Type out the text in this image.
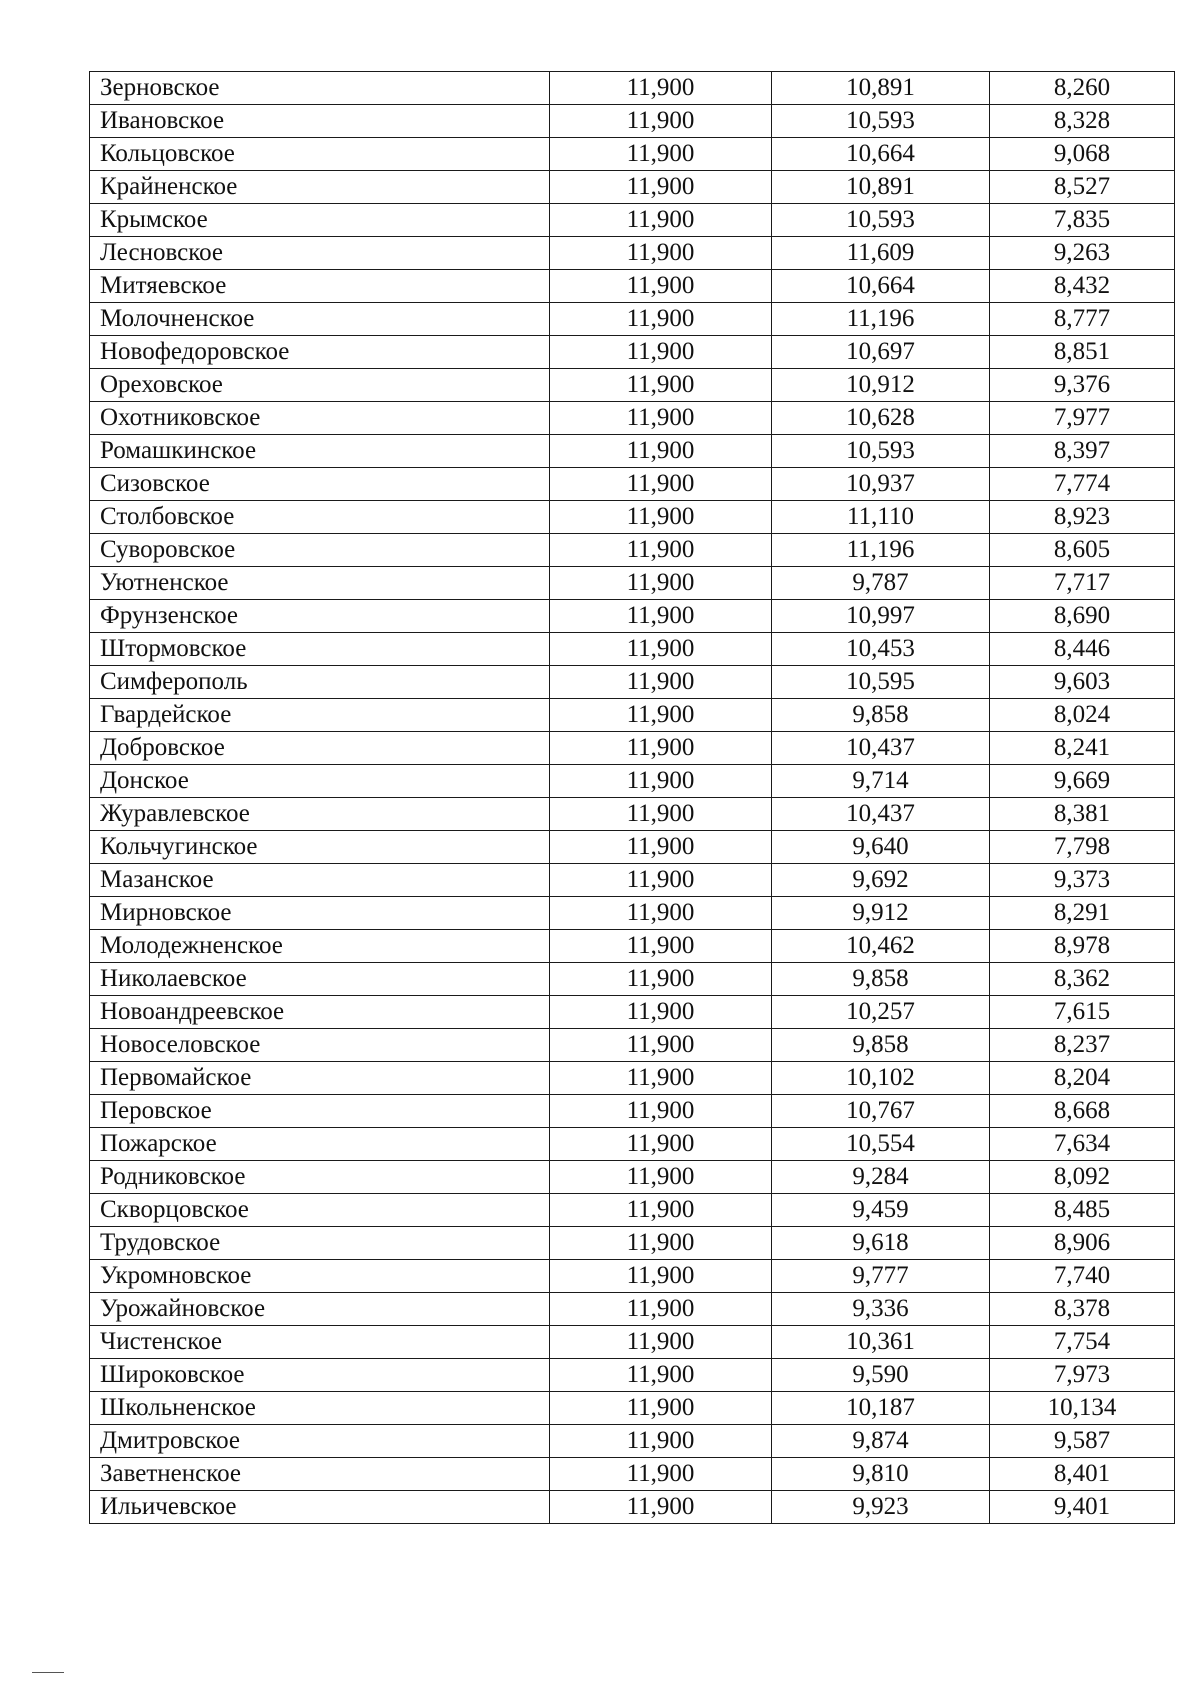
Зерновское	11,900	10,891	8,260
Ивановское	11,900	10,593	8,328
Кольцовское	11,900	10,664	9,068
Крайненское	11,900	10,891	8,527
Крымское	11,900	10,593	7,835
Лесновское	11,900	11,609	9,263
Митяевское	11,900	10,664	8,432
Молочненское	11,900	11,196	8,777
Новофедоровское	11,900	10,697	8,851
Ореховское	11,900	10,912	9,376
Охотниковское	11,900	10,628	7,977
Ромашкинское	11,900	10,593	8,397
Сизовское	11,900	10,937	7,774
Столбовское	11,900	11,110	8,923
Суворовское	11,900	11,196	8,605
Уютненское	11,900	9,787	7,717
Фрунзенское	11,900	10,997	8,690
Штормовское	11,900	10,453	8,446
Симферополь	11,900	10,595	9,603
Гвардейское	11,900	9,858	8,024
Добровское	11,900	10,437	8,241
Донское	11,900	9,714	9,669
Журавлевское	11,900	10,437	8,381
Кольчугинское	11,900	9,640	7,798
Мазанское	11,900	9,692	9,373
Мирновское	11,900	9,912	8,291
Молодежненское	11,900	10,462	8,978
Николаевское	11,900	9,858	8,362
Новоандреевское	11,900	10,257	7,615
Новоселовское	11,900	9,858	8,237
Первомайское	11,900	10,102	8,204
Перовское	11,900	10,767	8,668
Пожарское	11,900	10,554	7,634
Родниковское	11,900	9,284	8,092
Скворцовское	11,900	9,459	8,485
Трудовское	11,900	9,618	8,906
Укромновское	11,900	9,777	7,740
Урожайновское	11,900	9,336	8,378
Чистенское	11,900	10,361	7,754
Широковское	11,900	9,590	7,973
Школьненское	11,900	10,187	10,134
Дмитровское	11,900	9,874	9,587
Заветненское	11,900	9,810	8,401
Ильичевское	11,900	9,923	9,401
